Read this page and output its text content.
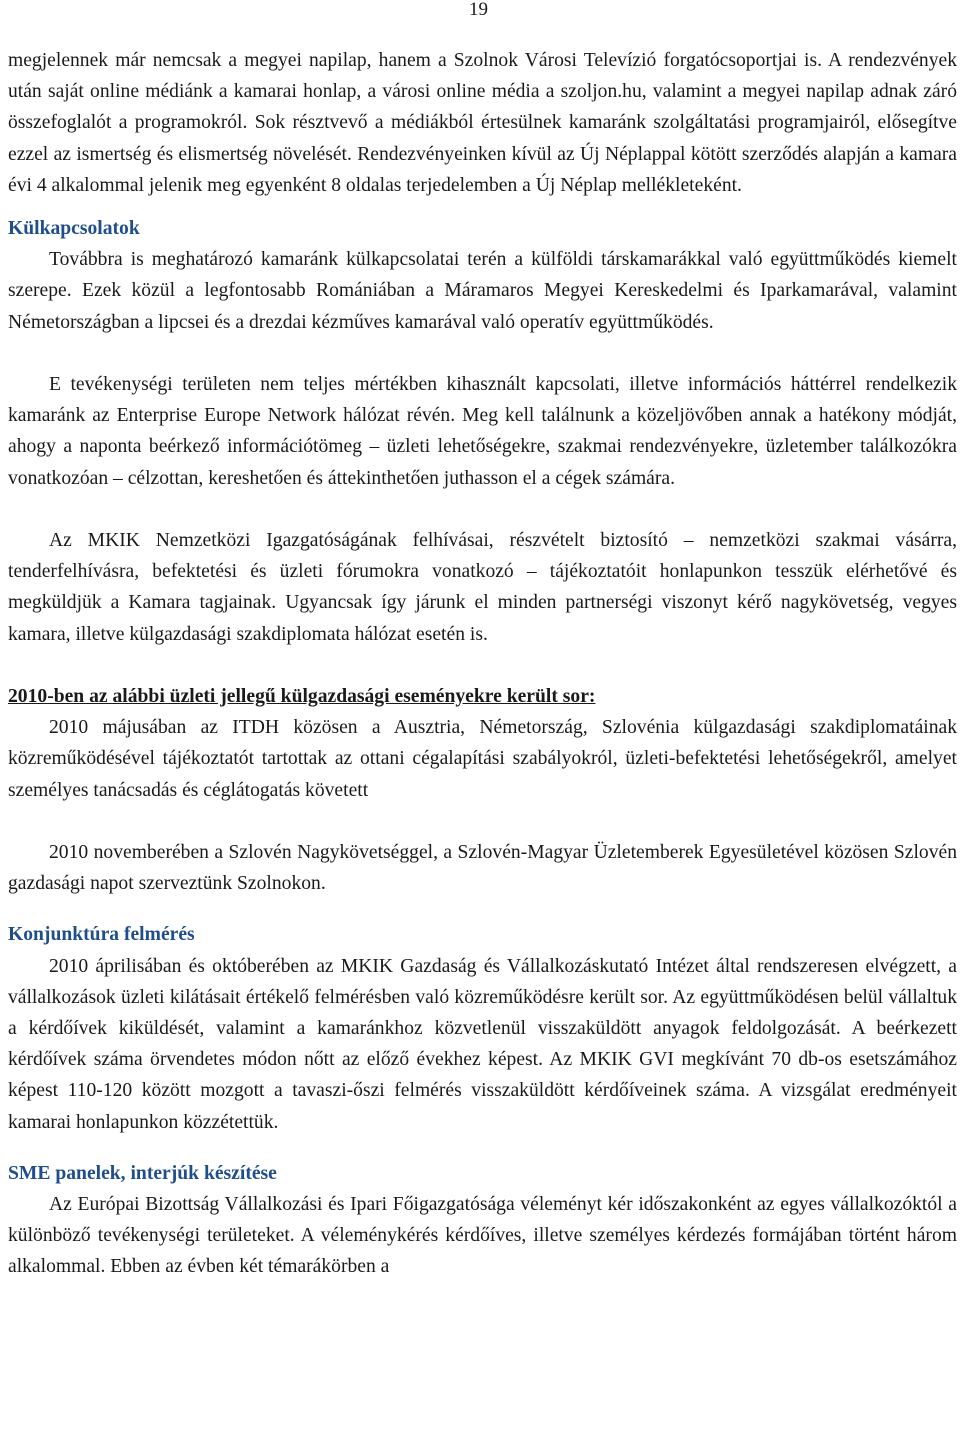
19

megjelennek már nemcsak a megyei napilap, hanem a Szolnok Városi Televízió forgatócsoportjai is. A rendezvények után saját online médiánk a kamarai honlap, a városi online média a szoljon.hu, valamint a megyei napilap adnak záró összefoglalót a programokról. Sok résztvevő a médiákból értesülnek kamaránk szolgáltatási programjairól, elősegítve ezzel az ismertség és elismertség növelését. Rendezvényeinken kívül az Új Néplappal kötött szerződés alapján a kamara évi 4 alkalommal jelenik meg egyenként 8 oldalas terjedelemben a Új Néplap mellékleteként.

Külkapcsolatok

Továbbra is meghatározó kamaránk külkapcsolatai terén a külföldi társkamarákkal való együttműködés kiemelt szerepe. Ezek közül a legfontosabb Romániában a Máramaros Megyei Kereskedelmi és Iparkamarával, valamint Németországban a lipcsei és a drezdai kézműves kamarával való operatív együttműködés.

E tevékenységi területen nem teljes mértékben kihasznált kapcsolati, illetve információs háttérrel rendelkezik kamaránk az Enterprise Europe Network hálózat révén. Meg kell találnunk a közeljövőben annak a hatékony módját, ahogy a naponta beérkező információtömeg – üzleti lehetőségekre, szakmai rendezvényekre, üzletember találkozókra vonatkozóan – célzottan, kereshetően és áttekinthetően juthasson el a cégek számára.

Az MKIK Nemzetközi Igazgatóságának felhívásai, részvételt biztosító – nemzetközi szakmai vásárra, tenderfelhívásra, befektetési és üzleti fórumokra vonatkozó – tájékoztatóit honlapunkon tesszük elérhetővé és megküldjük a Kamara tagjainak. Ugyancsak így járunk el minden partnerségi viszonyt kérő nagykövetség, vegyes kamara, illetve külgazdasági szakdiplomata hálózat esetén is.

2010-ben az alábbi üzleti jellegű külgazdasági eseményekre került sor:

2010 májusában az ITDH közösen a Ausztria, Németország, Szlovénia külgazdasági szakdiplomatáinak közreműködésével tájékoztatót tartottak az ottani cégalapítási szabályokról, üzleti-befektetési lehetőségekről, amelyet személyes tanácsadás és céglátogatás követett

2010 novemberében a Szlovén Nagykövetséggel, a Szlovén-Magyar Üzletemberek Egyesületével közösen Szlovén gazdasági napot szerveztünk Szolnokon.

Konjunktúra felmérés

2010 áprilisában és októberében az MKIK Gazdaság és Vállalkozáskutató Intézet által rendszeresen elvégzett, a vállalkozások üzleti kilátásait értékelő felmérésben való közreműködésre került sor. Az együttműködésen belül vállaltuk a kérdőívek kiküldését, valamint a kamaránkhoz közvetlenül visszaküldött anyagok feldolgozását. A beérkezett kérdőívek száma örvendetes módon nőtt az előző évekhez képest. Az MKIK GVI megkívánt 70 db-os esetszámához képest 110-120 között mozgott a tavaszi-őszi felmérés visszaküldött kérdőíveinek száma. A vizsgálat eredményeit kamarai honlapunkon közzétettük.

SME panelek, interjúk készítése

Az Európai Bizottság Vállalkozási és Ipari Főigazgatósága véleményt kér időszakonként az egyes vállalkozóktól a különböző tevékenységi területeket. A véleménykérés kérdőíves, illetve személyes kérdezés formájában történt három alkalommal. Ebben az évben két témarákörben a
